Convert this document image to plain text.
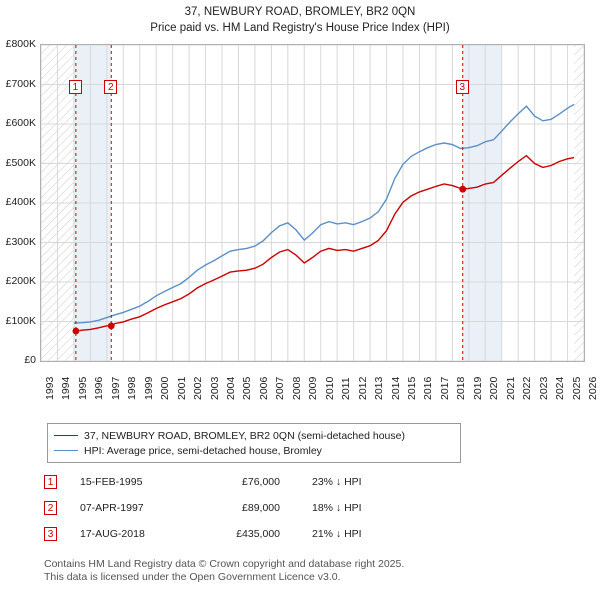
37, NEWBURY ROAD, BROMLEY, BR2 0QN
Price paid vs. HM Land Registry's House Price Index (HPI)
£0
£100K
£200K
£300K
£400K
£500K
£600K
£700K
£800K
1	2	3
1993 1994 1995 1996 1997 1998 1999 2000 2001 2002 2003 2004 2005 2006 2007 2008 2009 2010 2011 2012 2013 2014 2015 2016 2017 2018 2019 2020 2021 2022 2023 2024 2025 2026
37, NEWBURY ROAD, BROMLEY, BR2 0QN (semi-detached house)
HPI: Average price, semi-detached house, Bromley
1	15-FEB-1995	£76,000	23% ↓ HPI
2	07-APR-1997	£89,000	18% ↓ HPI
3	17-AUG-2018	£435,000	21% ↓ HPI
Contains HM Land Registry data © Crown copyright and database right 2025.
This data is licensed under the Open Government Licence v3.0.
